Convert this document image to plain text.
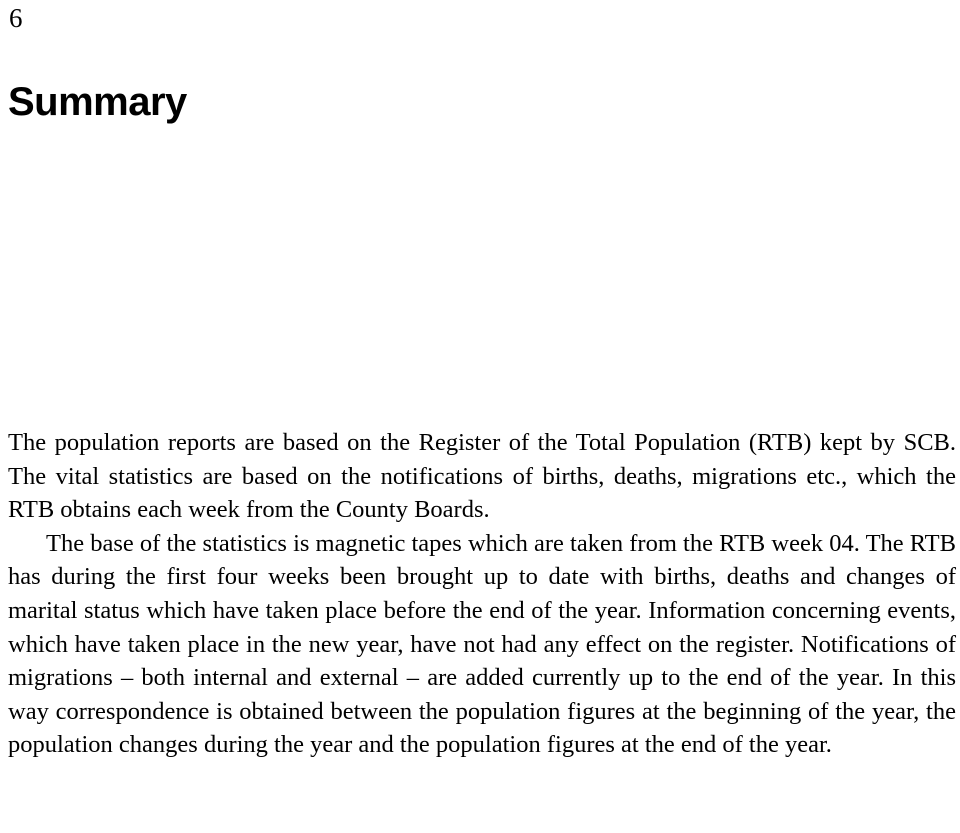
6
Summary

The population reports are based on the Register of the Total Population (RTB) kept by SCB. The vital statistics are based on the notifications of births, deaths, migrations etc., which the RTB obtains each week from the County Boards.

The base of the statistics is magnetic tapes which are taken from the RTB week 04. The RTB has during the first four weeks been brought up to date with births, deaths and changes of marital status which have taken place before the end of the year. Information concerning events, which have taken place in the new year, have not had any effect on the register. Notifications of migrations – both internal and external – are added currently up to the end of the year. In this way correspondence is obtained between the population figures at the beginning of the year, the population changes during the year and the population figures at the end of the year.
